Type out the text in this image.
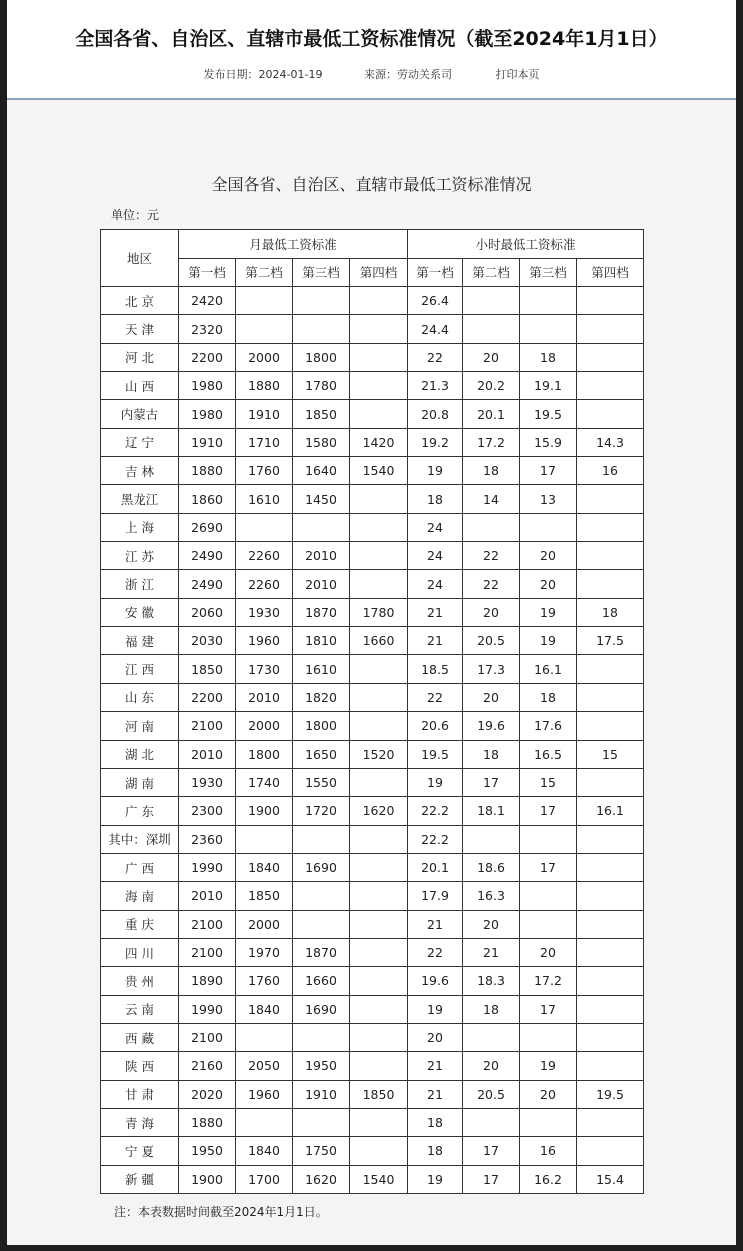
全国各省、自治区、直辖市最低工资标准情况（截至2024年1月1日）
发布日期：2024-01-19	来源：劳动关系司	打印本页
全国各省、自治区、直辖市最低工资标准情况
单位：元
地区	月最低工资标准				小时最低工资标准			
	第一档	第二档	第三档	第四档	第一档	第二档	第三档	第四档
北 京	2420				26.4			
天 津	2320				24.4			
河 北	2200	2000	1800		22	20	18	
山 西	1980	1880	1780		21.3	20.2	19.1	
内蒙古	1980	1910	1850		20.8	20.1	19.5	
辽 宁	1910	1710	1580	1420	19.2	17.2	15.9	14.3
吉 林	1880	1760	1640	1540	19	18	17	16
黑龙江	1860	1610	1450		18	14	13	
上 海	2690				24			
江 苏	2490	2260	2010		24	22	20	
浙 江	2490	2260	2010		24	22	20	
安 徽	2060	1930	1870	1780	21	20	19	18
福 建	2030	1960	1810	1660	21	20.5	19	17.5
江 西	1850	1730	1610		18.5	17.3	16.1	
山 东	2200	2010	1820		22	20	18	
河 南	2100	2000	1800		20.6	19.6	17.6	
湖 北	2010	1800	1650	1520	19.5	18	16.5	15
湖 南	1930	1740	1550		19	17	15	
广 东	2300	1900	1720	1620	22.2	18.1	17	16.1
其中：深圳	2360				22.2			
广 西	1990	1840	1690		20.1	18.6	17	
海 南	2010	1850			17.9	16.3		
重 庆	2100	2000			21	20		
四 川	2100	1970	1870		22	21	20	
贵 州	1890	1760	1660		19.6	18.3	17.2	
云 南	1990	1840	1690		19	18	17	
西 藏	2100				20			
陕 西	2160	2050	1950		21	20	19	
甘 肃	2020	1960	1910	1850	21	20.5	20	19.5
青 海	1880				18			
宁 夏	1950	1840	1750		18	17	16	
新 疆	1900	1700	1620	1540	19	17	16.2	15.4
注：本表数据时间截至2024年1月1日。
